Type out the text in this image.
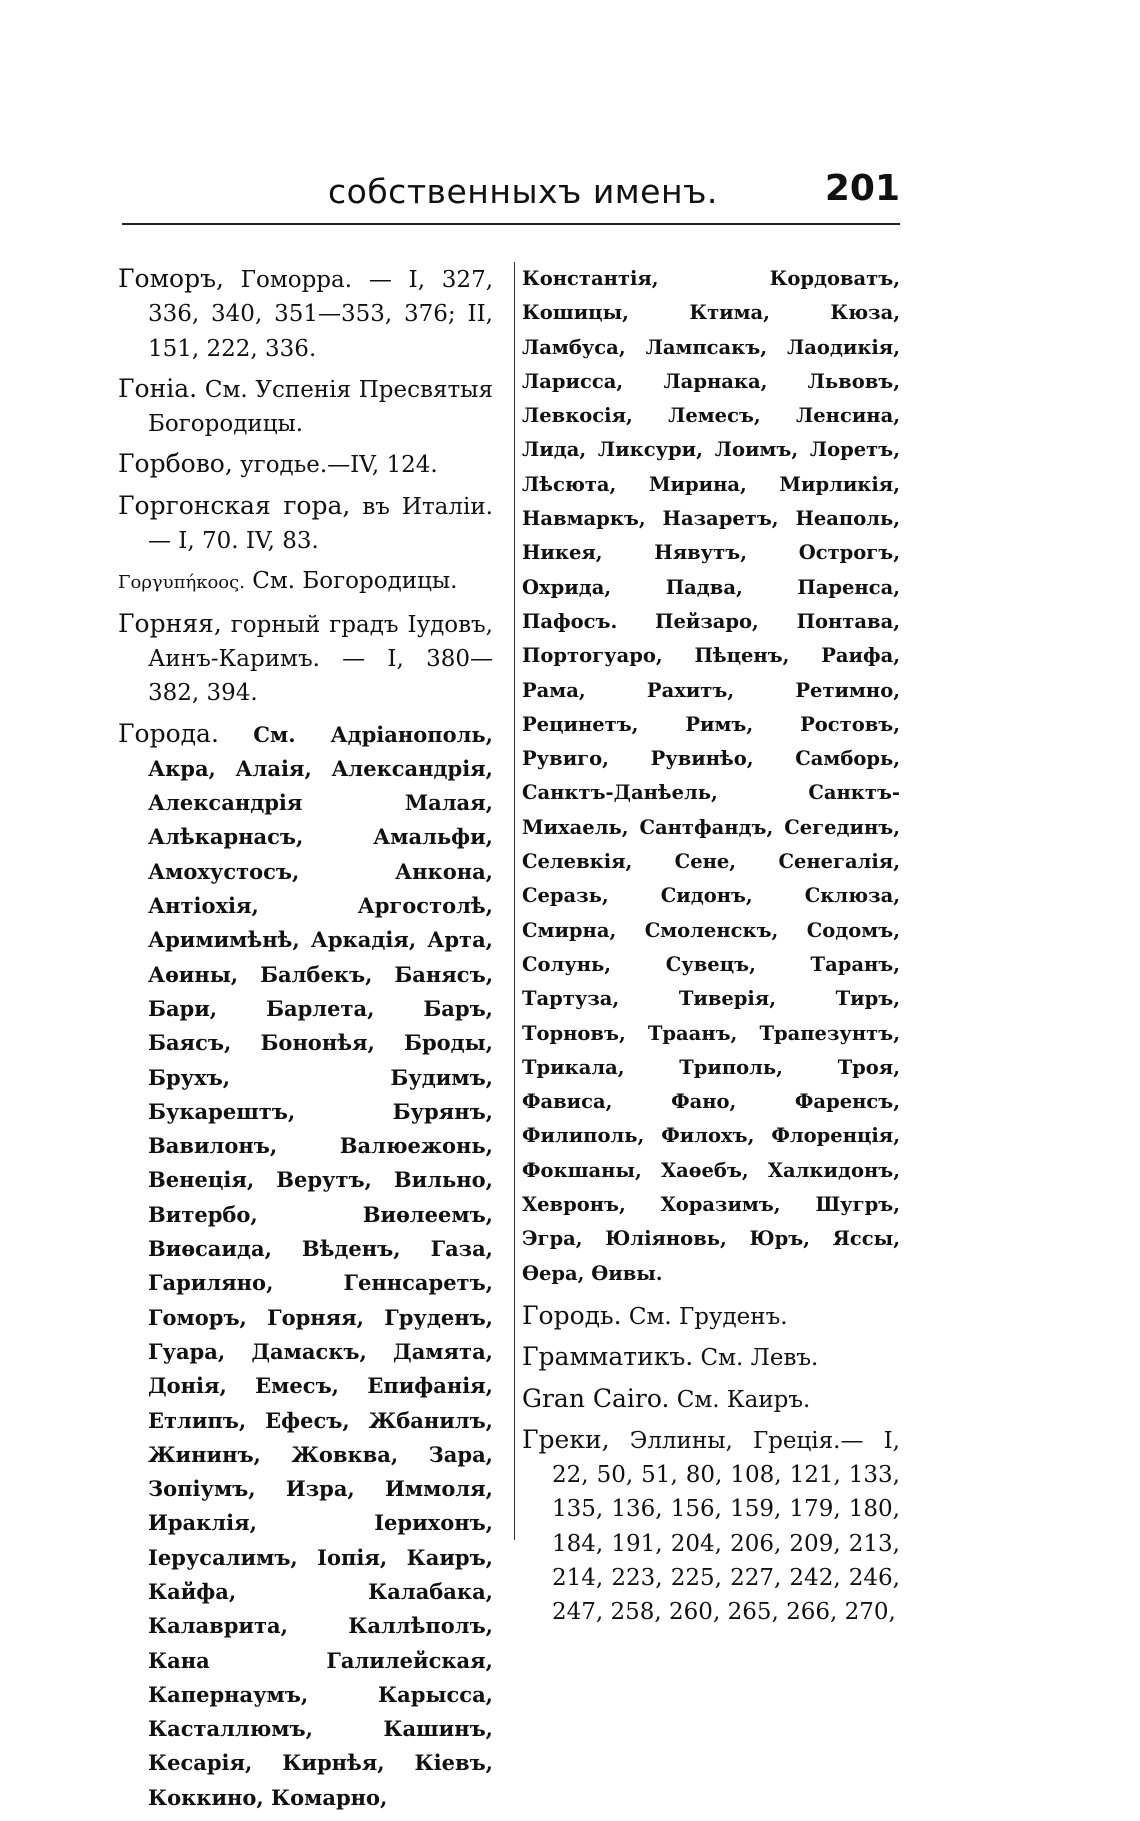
собственныхъ именъ.	201

Гоморъ, Гоморра. — I, 327, 336, 340, 351—353, 376; II, 151, 222, 336.

Гоніа. См. Успенія Пресвятыя Богородицы.

Горбово, угодье.—IV, 124.

Горгонская гора, въ Италіи.— I, 70. IV, 83.

Γοργυπήκοος. См. Богородицы.

Горняя, горный градъ Іудовъ, Аинъ-Каримъ. — I, 380— 382, 394.

Города. См. Адріанополь, Акра, Алаія, Александрія, Александрія Малая, Алѣкарнасъ, Амальфи, Амохустосъ, Анкона, Антіохія, Аргостолѣ, Аримимѣнѣ, Аркадія, Арта, Аѳины, Балбекъ, Банясъ, Бари, Барлета, Баръ, Баясъ, Бононѣя, Броды, Брухъ, Будимъ, Букарештъ, Бурянъ, Вавилонъ, Валюежонь, Венеція, Верутъ, Вильно, Витербо, Виѳлеемъ, Виѳсаида, Вѣденъ, Газа, Гариляно, Геннсаретъ, Гоморъ, Горняя, Груденъ, Гуара, Дамаскъ, Дамята, Донія, Емесъ, Епифанія, Етлипъ, Ефесъ, Жбанилъ, Жининъ, Жовква, Зара, Зопіумъ, Изра, Иммоля, Ираклія, Іерихонъ, Іерусалимъ, Іопія, Каиръ, Кайфа, Калабака, Калаврита, Каллѣполъ, Кана Галилейская, Капернаумъ, Карысса, Касталлюмъ, Кашинъ, Кесарія, Кирнѣя, Кіевъ, Коккино, Комарно,

Константія, Кордоватъ, Кошицы, Ктима, Кюза, Ламбуса, Лампсакъ, Лаодикія, Ларисса, Ларнака, Львовъ, Левкосія, Лемесъ, Ленсина, Лида, Ликсури, Лоимъ, Лоретъ, Лѣсюта, Мирина, Мирликія, Навмаркъ, Назаретъ, Неаполь, Никея, Нявутъ, Острогъ, Охрида, Падва, Паренса, Пафосъ. Пейзаро, Понтава, Портогуаро, Пѣценъ, Раифа, Рама, Рахитъ, Ретимно, Рецинетъ, Римъ, Ростовъ, Рувиго, Рувинѣо, Самборь, Санктъ-Данѣель, Санктъ-Михаель, Сантфандъ, Сегединъ, Селевкія, Сене, Сенегалія, Серазь, Сидонъ, Склюза, Смирна, Смоленскъ, Содомъ, Солунь, Сувецъ, Таранъ, Тартуза, Тиверія, Тиръ, Торновъ, Траанъ, Трапезунтъ, Трикала, Триполь, Троя, Фависа, Фано, Фаренсъ, Филиполь, Филохъ, Флоренція, Фокшаны, Хаѳебъ, Халкидонъ, Хевронъ, Хоразимъ, Шугръ, Эгра, Юліяновь, Юръ, Яссы, Ѳера, Ѳивы.

Городь. См. Груденъ.

Грамматикъ. См. Левъ.

Gran Cairo. См. Каиръ.

Греки, Эллины, Греція.— I, 22, 50, 51, 80, 108, 121, 133, 135, 136, 156, 159, 179, 180, 184, 191, 204, 206, 209, 213, 214, 223, 225, 227, 242, 246, 247, 258, 260, 265, 266, 270,
